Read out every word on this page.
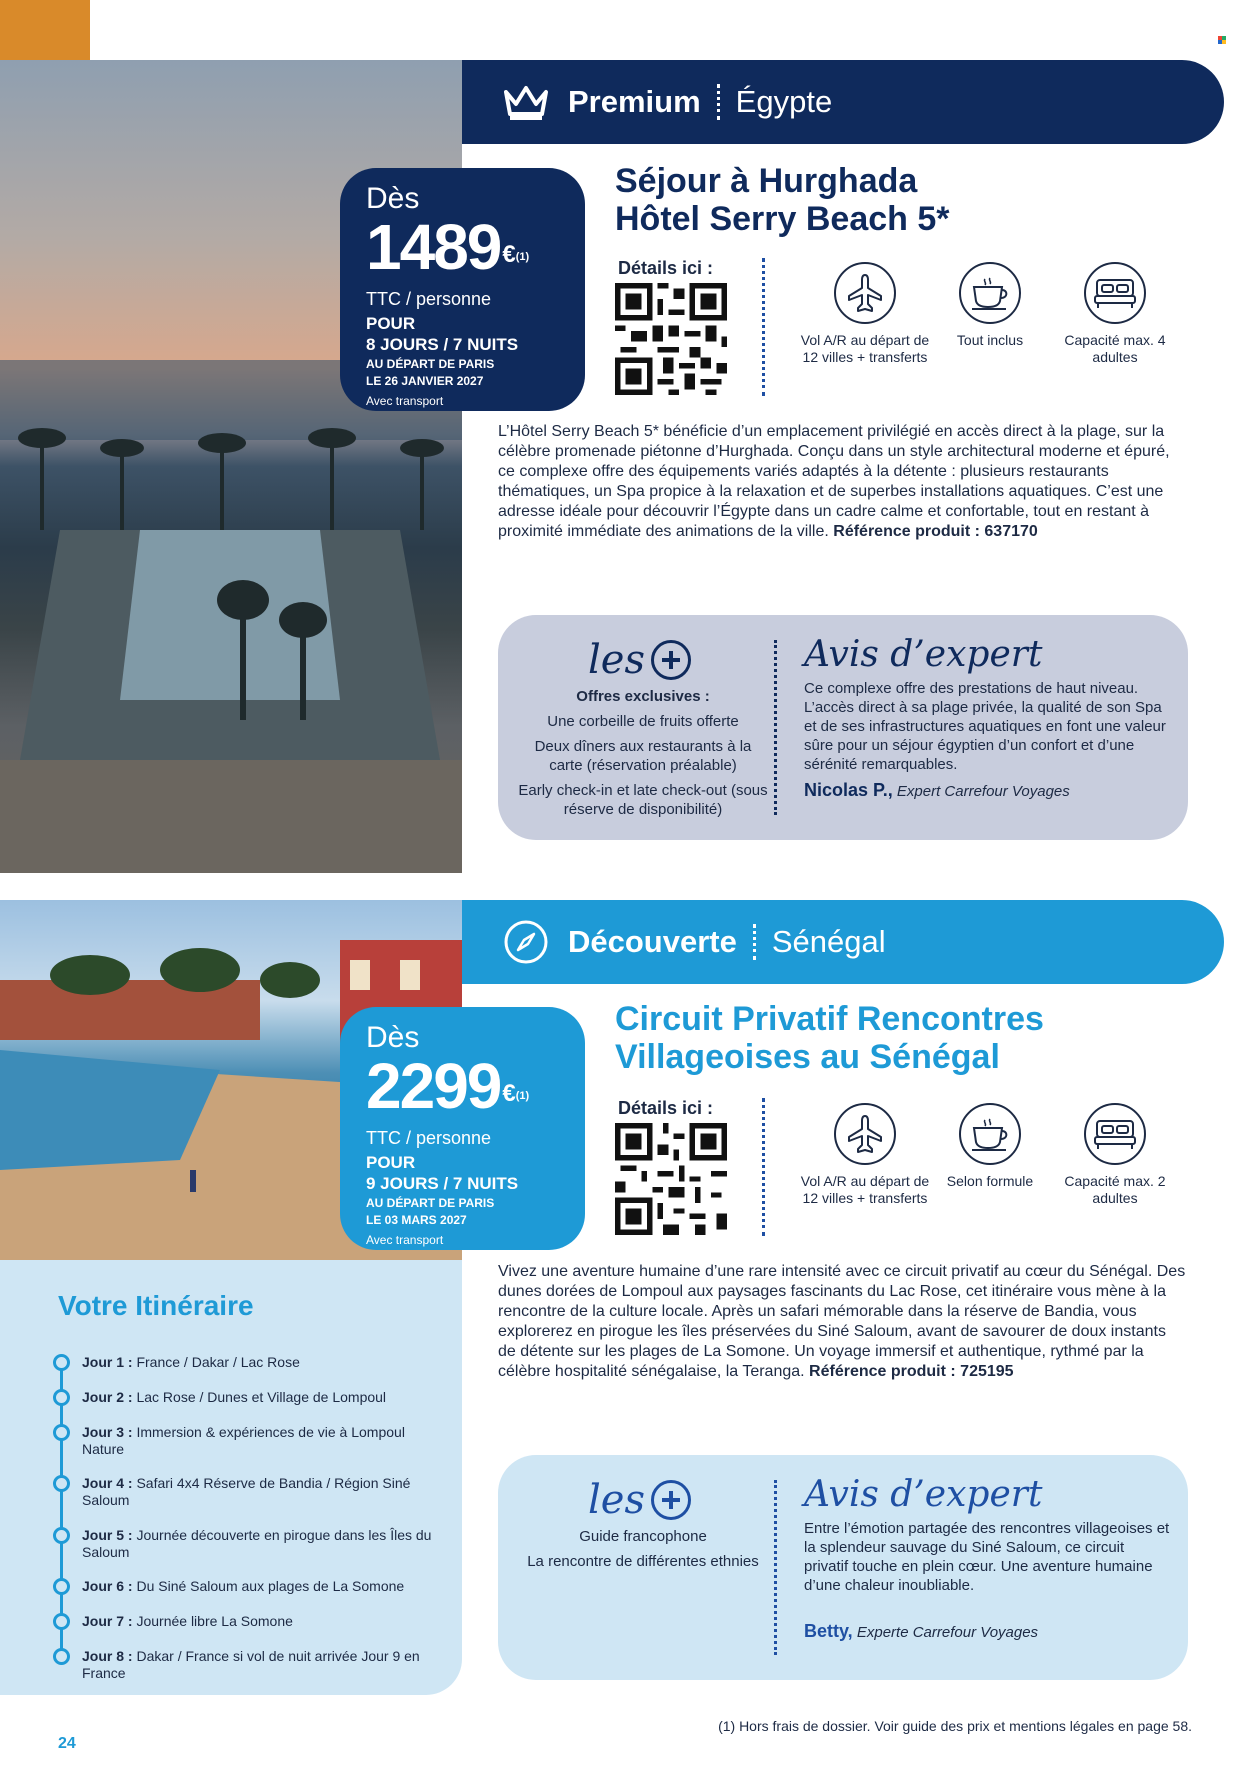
Premium Égypte
Dès
1489 € (1)
TTC / personne
POUR
8 JOURS / 7 NUITS
AU DÉPART DE PARIS
LE 26 JANVIER 2027
Avec transport
Séjour à Hurghada
Hôtel Serry Beach 5*
Détails ici :
Vol A/R au départ de 12 villes + transferts
Tout inclus	Capacité max. 4 adultes
L’Hôtel Serry Beach 5* bénéficie d’un emplacement privilégié en accès direct à la plage, sur la célèbre promenade piétonne d’Hurghada. Conçu dans un style architectural moderne et épuré, ce complexe offre des équipements variés adaptés à la détente : plusieurs restaurants thématiques, un Spa propice à la relaxation et de superbes installations aquatiques. C’est une adresse idéale pour découvrir l’Égypte dans un cadre calme et confortable, tout en restant à proximité immédiate des animations de la ville. Référence produit : 637170
les
Offres exclusives :
Une corbeille de fruits offerte
Deux dîners aux restaurants à la carte (réservation préalable)
Early check-in et late check-out (sous réserve de disponibilité)
Avis d’expert
Ce complexe offre des prestations de haut niveau. L’accès direct à sa plage privée, la qualité de son Spa et de ses infrastructures aquatiques en font une valeur sûre pour un séjour égyptien d’un confort et d’une sérénité remarquables.
Nicolas P., Expert Carrefour Voyages
Découverte Sénégal
Dès
2299 € (1)
TTC / personne
POUR
9 JOURS / 7 NUITS
AU DÉPART DE PARIS
LE 03 MARS 2027
Avec transport
Circuit Privatif Rencontres
Villageoises au Sénégal
Détails ici :
Vol A/R au départ de 12 villes + transferts
Selon formule	Capacité max. 2 adultes
Vivez une aventure humaine d’une rare intensité avec ce circuit privatif au cœur du Sénégal. Des dunes dorées de Lompoul aux paysages fascinants du Lac Rose, cet itinéraire vous mène à la rencontre de la culture locale. Après un safari mémorable dans la réserve de Bandia, vous explorerez en pirogue les îles préservées du Siné Saloum, avant de savourer de doux instants de détente sur les plages de La Somone. Un voyage immersif et authentique, rythmé par la célèbre hospitalité sénégalaise, la Teranga. Référence produit : 725195
les
Guide francophone
La rencontre de différentes ethnies
Avis d’expert
Entre l’émotion partagée des rencontres villageoises et la splendeur sauvage du Siné Saloum, ce circuit privatif touche en plein cœur. Une aventure humaine d’une chaleur inoubliable.
Betty, Experte Carrefour Voyages
Votre Itinéraire
Jour 1 : France / Dakar / Lac Rose
Jour 2 : Lac Rose / Dunes et Village de Lompoul
Jour 3 : Immersion & expériences de vie à Lompoul Nature
Jour 4 : Safari 4x4 Réserve de Bandia / Région Siné Saloum
Jour 5 : Journée découverte en pirogue dans les Îles du Saloum
Jour 6 : Du Siné Saloum aux plages de La Somone
Jour 7 : Journée libre La Somone
Jour 8 : Dakar / France si vol de nuit arrivée Jour 9 en France
(1) Hors frais de dossier. Voir guide des prix et mentions légales en page 58.
24
